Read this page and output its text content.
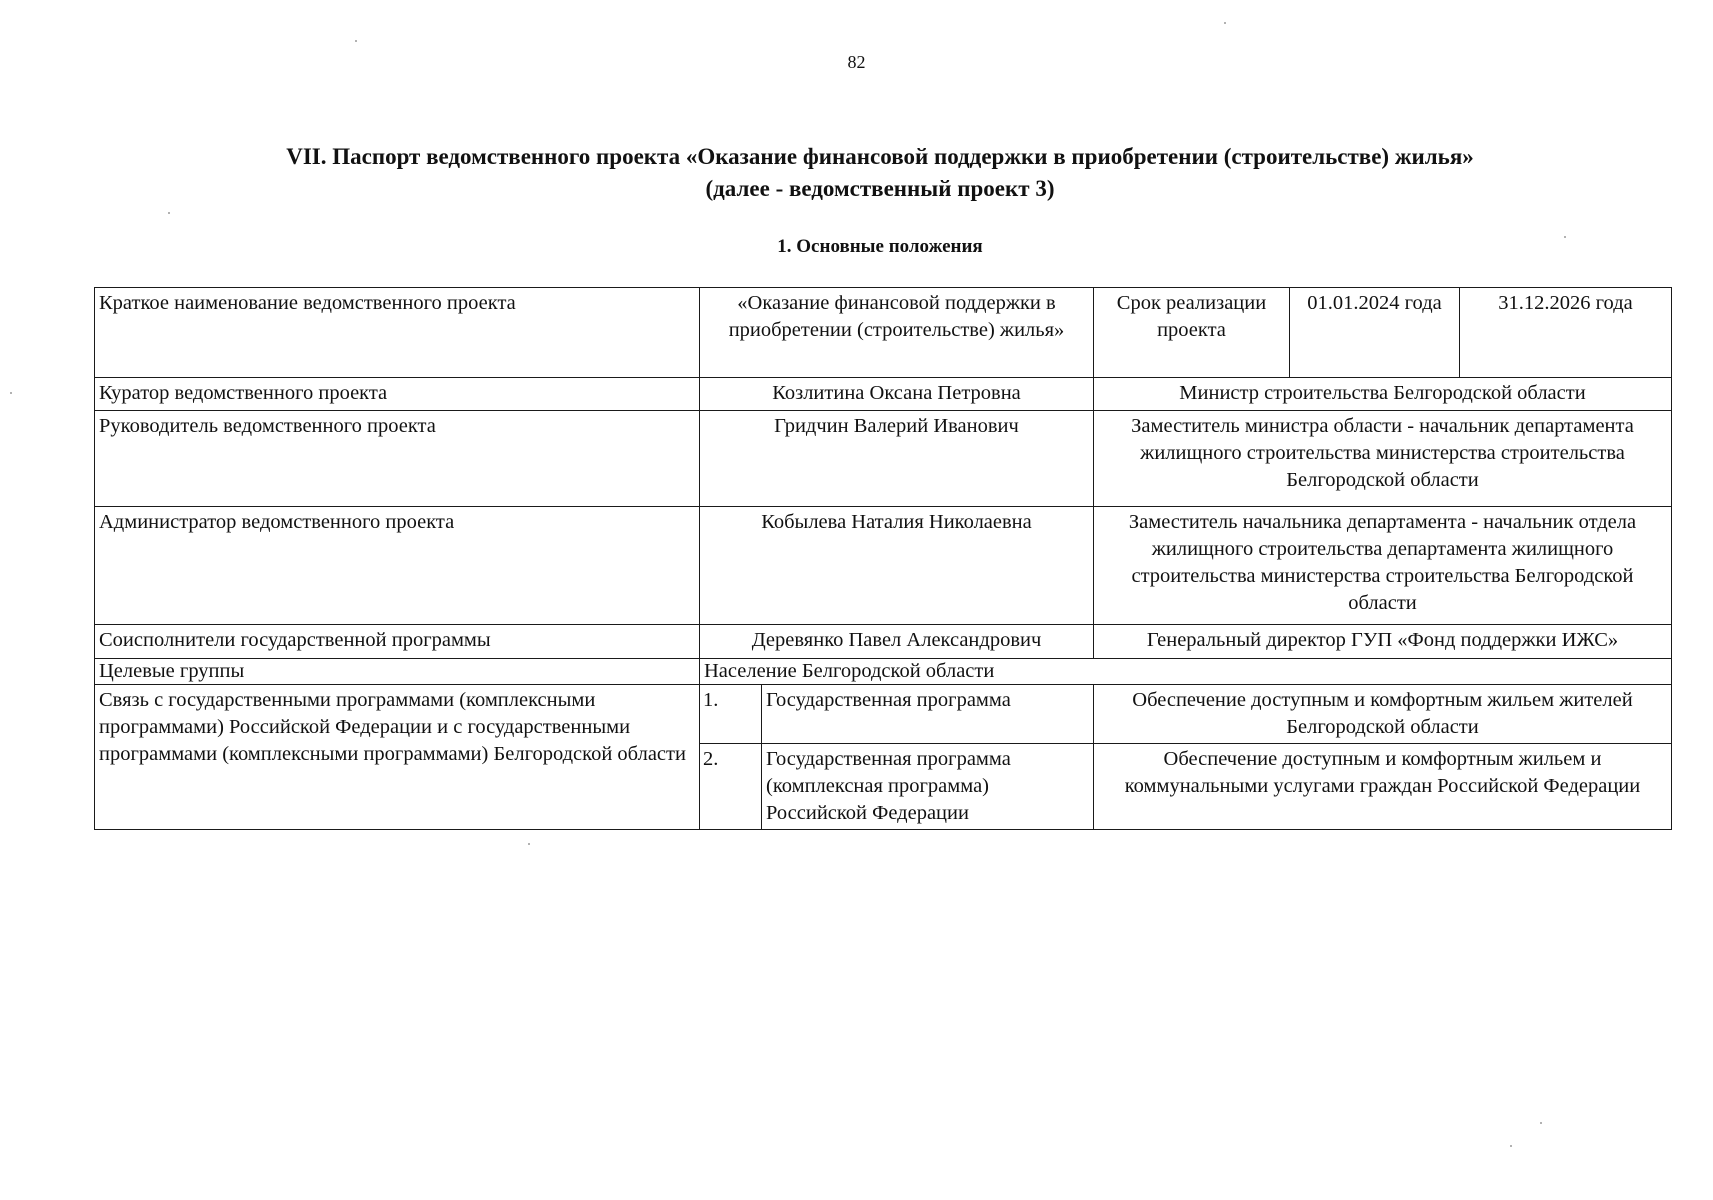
82
VII. Паспорт ведомственного проекта «Оказание финансовой поддержки в приобретении (строительстве) жилья»
(далее - ведомственный проект 3)
1. Основные положения
Краткое наименование ведомственного проекта	«Оказание финансовой поддержки в приобретении (строительстве) жилья»		Срок реализации проекта	01.01.2024 года	31.12.2026 года
Куратор ведомственного проекта	Козлитина Оксана Петровна		Министр строительства Белгородской области		
Руководитель ведомственного проекта	Гридчин Валерий Иванович		Заместитель министра области - начальник департамента жилищного строительства министерства строительства Белгородской области		
Администратор ведомственного проекта	Кобылева Наталия Николаевна		Заместитель начальника департамента - начальник отдела жилищного строительства департамента жилищного строительства министерства строительства Белгородской области		
Соисполнители государственной программы	Деревянко Павел Александрович		Генеральный директор ГУП «Фонд поддержки ИЖС»		
Целевые группы	Население Белгородской области				
Связь с государственными программами (комплексными программами) Российской Федерации и с государственными программами (комплексными программами) Белгородской области	1.	Государственная программа	Обеспечение доступным и комфортным жильем жителей Белгородской области		
	2.	Государственная программа (комплексная программа) Российской Федерации	Обеспечение доступным и комфортным жильем и коммунальными услугами граждан Российской Федерации		
